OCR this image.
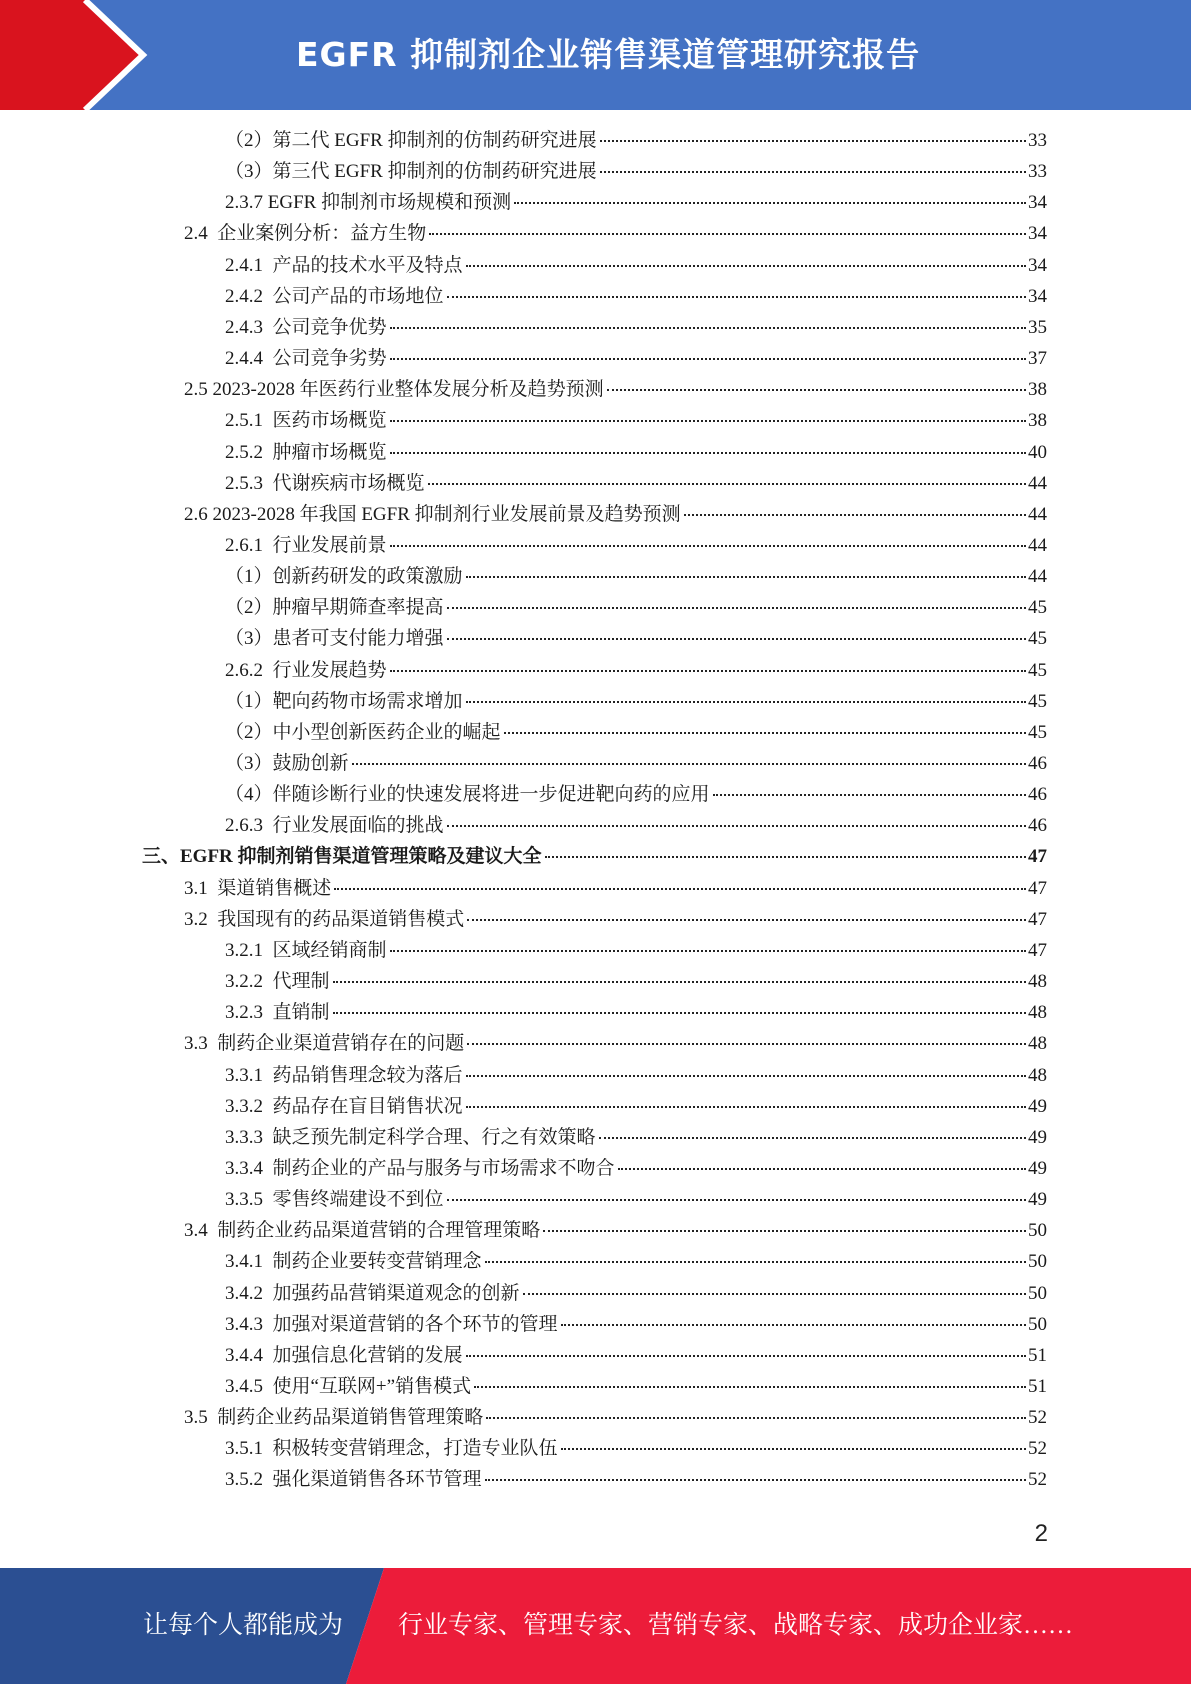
EGFR 抑制剂企业销售渠道管理研究报告
（2）第二代 EGFR 抑制剂的仿制药研究进展	33
（3）第三代 EGFR 抑制剂的仿制药研究进展	33
2.3.7 EGFR 抑制剂市场规模和预测	34
2.4  企业案例分析：益方生物	34
2.4.1  产品的技术水平及特点	34
2.4.2  公司产品的市场地位	34
2.4.3  公司竞争优势	35
2.4.4  公司竞争劣势	37
2.5 2023-2028 年医药行业整体发展分析及趋势预测	38
2.5.1  医药市场概览	38
2.5.2  肿瘤市场概览	40
2.5.3  代谢疾病市场概览	44
2.6 2023-2028 年我国 EGFR 抑制剂行业发展前景及趋势预测	44
2.6.1  行业发展前景	44
（1）创新药研发的政策激励	44
（2）肿瘤早期筛查率提高	45
（3）患者可支付能力增强	45
2.6.2  行业发展趋势	45
（1）靶向药物市场需求增加	45
（2）中小型创新医药企业的崛起	45
（3）鼓励创新	46
（4）伴随诊断行业的快速发展将进一步促进靶向药的应用	46
2.6.3  行业发展面临的挑战	46
三、EGFR 抑制剂销售渠道管理策略及建议大全	47
3.1  渠道销售概述	47
3.2  我国现有的药品渠道销售模式	47
3.2.1  区域经销商制	47
3.2.2  代理制	48
3.2.3  直销制	48
3.3  制药企业渠道营销存在的问题	48
3.3.1  药品销售理念较为落后	48
3.3.2  药品存在盲目销售状况	49
3.3.3  缺乏预先制定科学合理、行之有效策略	49
3.3.4  制药企业的产品与服务与市场需求不吻合	49
3.3.5  零售终端建设不到位	49
3.4  制药企业药品渠道营销的合理管理策略	50
3.4.1  制药企业要转变营销理念	50
3.4.2  加强药品营销渠道观念的创新	50
3.4.3  加强对渠道营销的各个环节的管理	50
3.4.4  加强信息化营销的发展	51
3.4.5  使用“互联网+”销售模式	51
3.5  制药企业药品渠道销售管理策略	52
3.5.1  积极转变营销理念，打造专业队伍	52
3.5.2  强化渠道销售各环节管理	52
2
让每个人都能成为 行业专家、管理专家、营销专家、战略专家、成功企业家……
